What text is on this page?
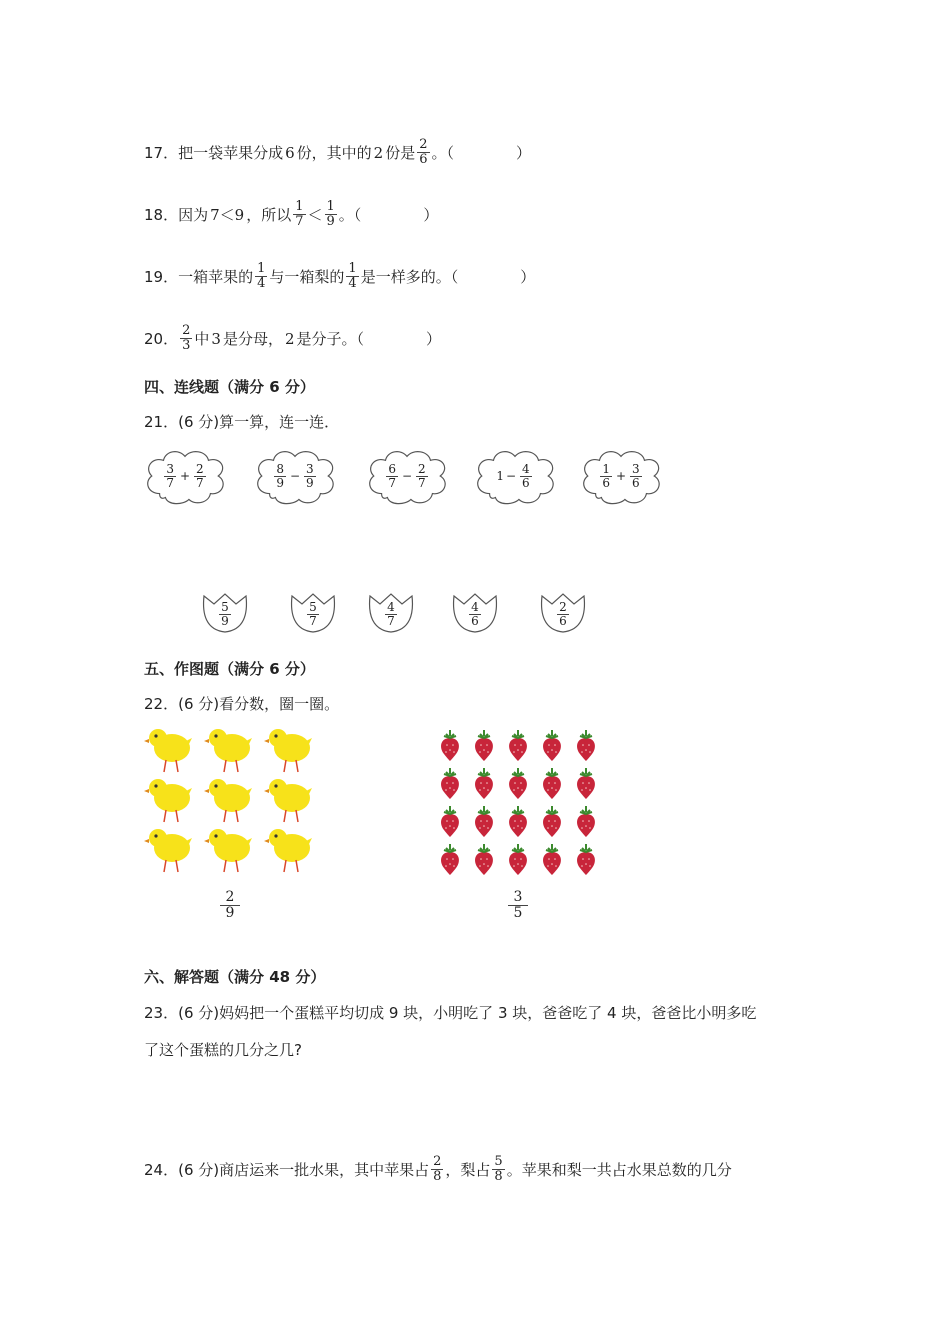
17． 把一袋苹果分成 6 份，其中的 2 份是 $\frac{2}{6}$ 。（	）
18． 因为 7＜9 ，所以 $\frac{1}{7} < \frac{1}{9}$ 。（	）
19． 一箱苹果的 $\frac{1}{4}$ 与一箱梨的 $\frac{1}{4}$ 是一样多的。（	）
20． $\frac{2}{3}$ 中 3 是分母， 2 是分子。（	）
四、连线题（满分 6 分）
21． (6 分) 算一算，连一连．
$\frac{3}{7} + \frac{2}{7}$	$\frac{8}{9} - \frac{3}{9}$	$\frac{6}{7} - \frac{2}{7}$	$1 - \frac{4}{6}$	$\frac{1}{6} + \frac{3}{6}$
$\frac{5}{9}$	$\frac{5}{7}$	$\frac{4}{7}$	$\frac{4}{6}$	$\frac{2}{6}$
五、作图题（满分 6 分）
22． (6 分) 看分数，圈一圈。
$\frac{2}{9}$	$\frac{3}{5}$
六、解答题（满分 48 分）
23．(6 分)妈妈把一个蛋糕平均切成 9 块，小明吃了 3 块，爸爸吃了 4 块，爸爸比小明多吃
了这个蛋糕的几分之几?
24．(6 分)商店运来一批水果，其中苹果占 $\frac{2}{8}$ ，梨占 $\frac{5}{8}$ 。苹果和梨一共占水果总数的几分
